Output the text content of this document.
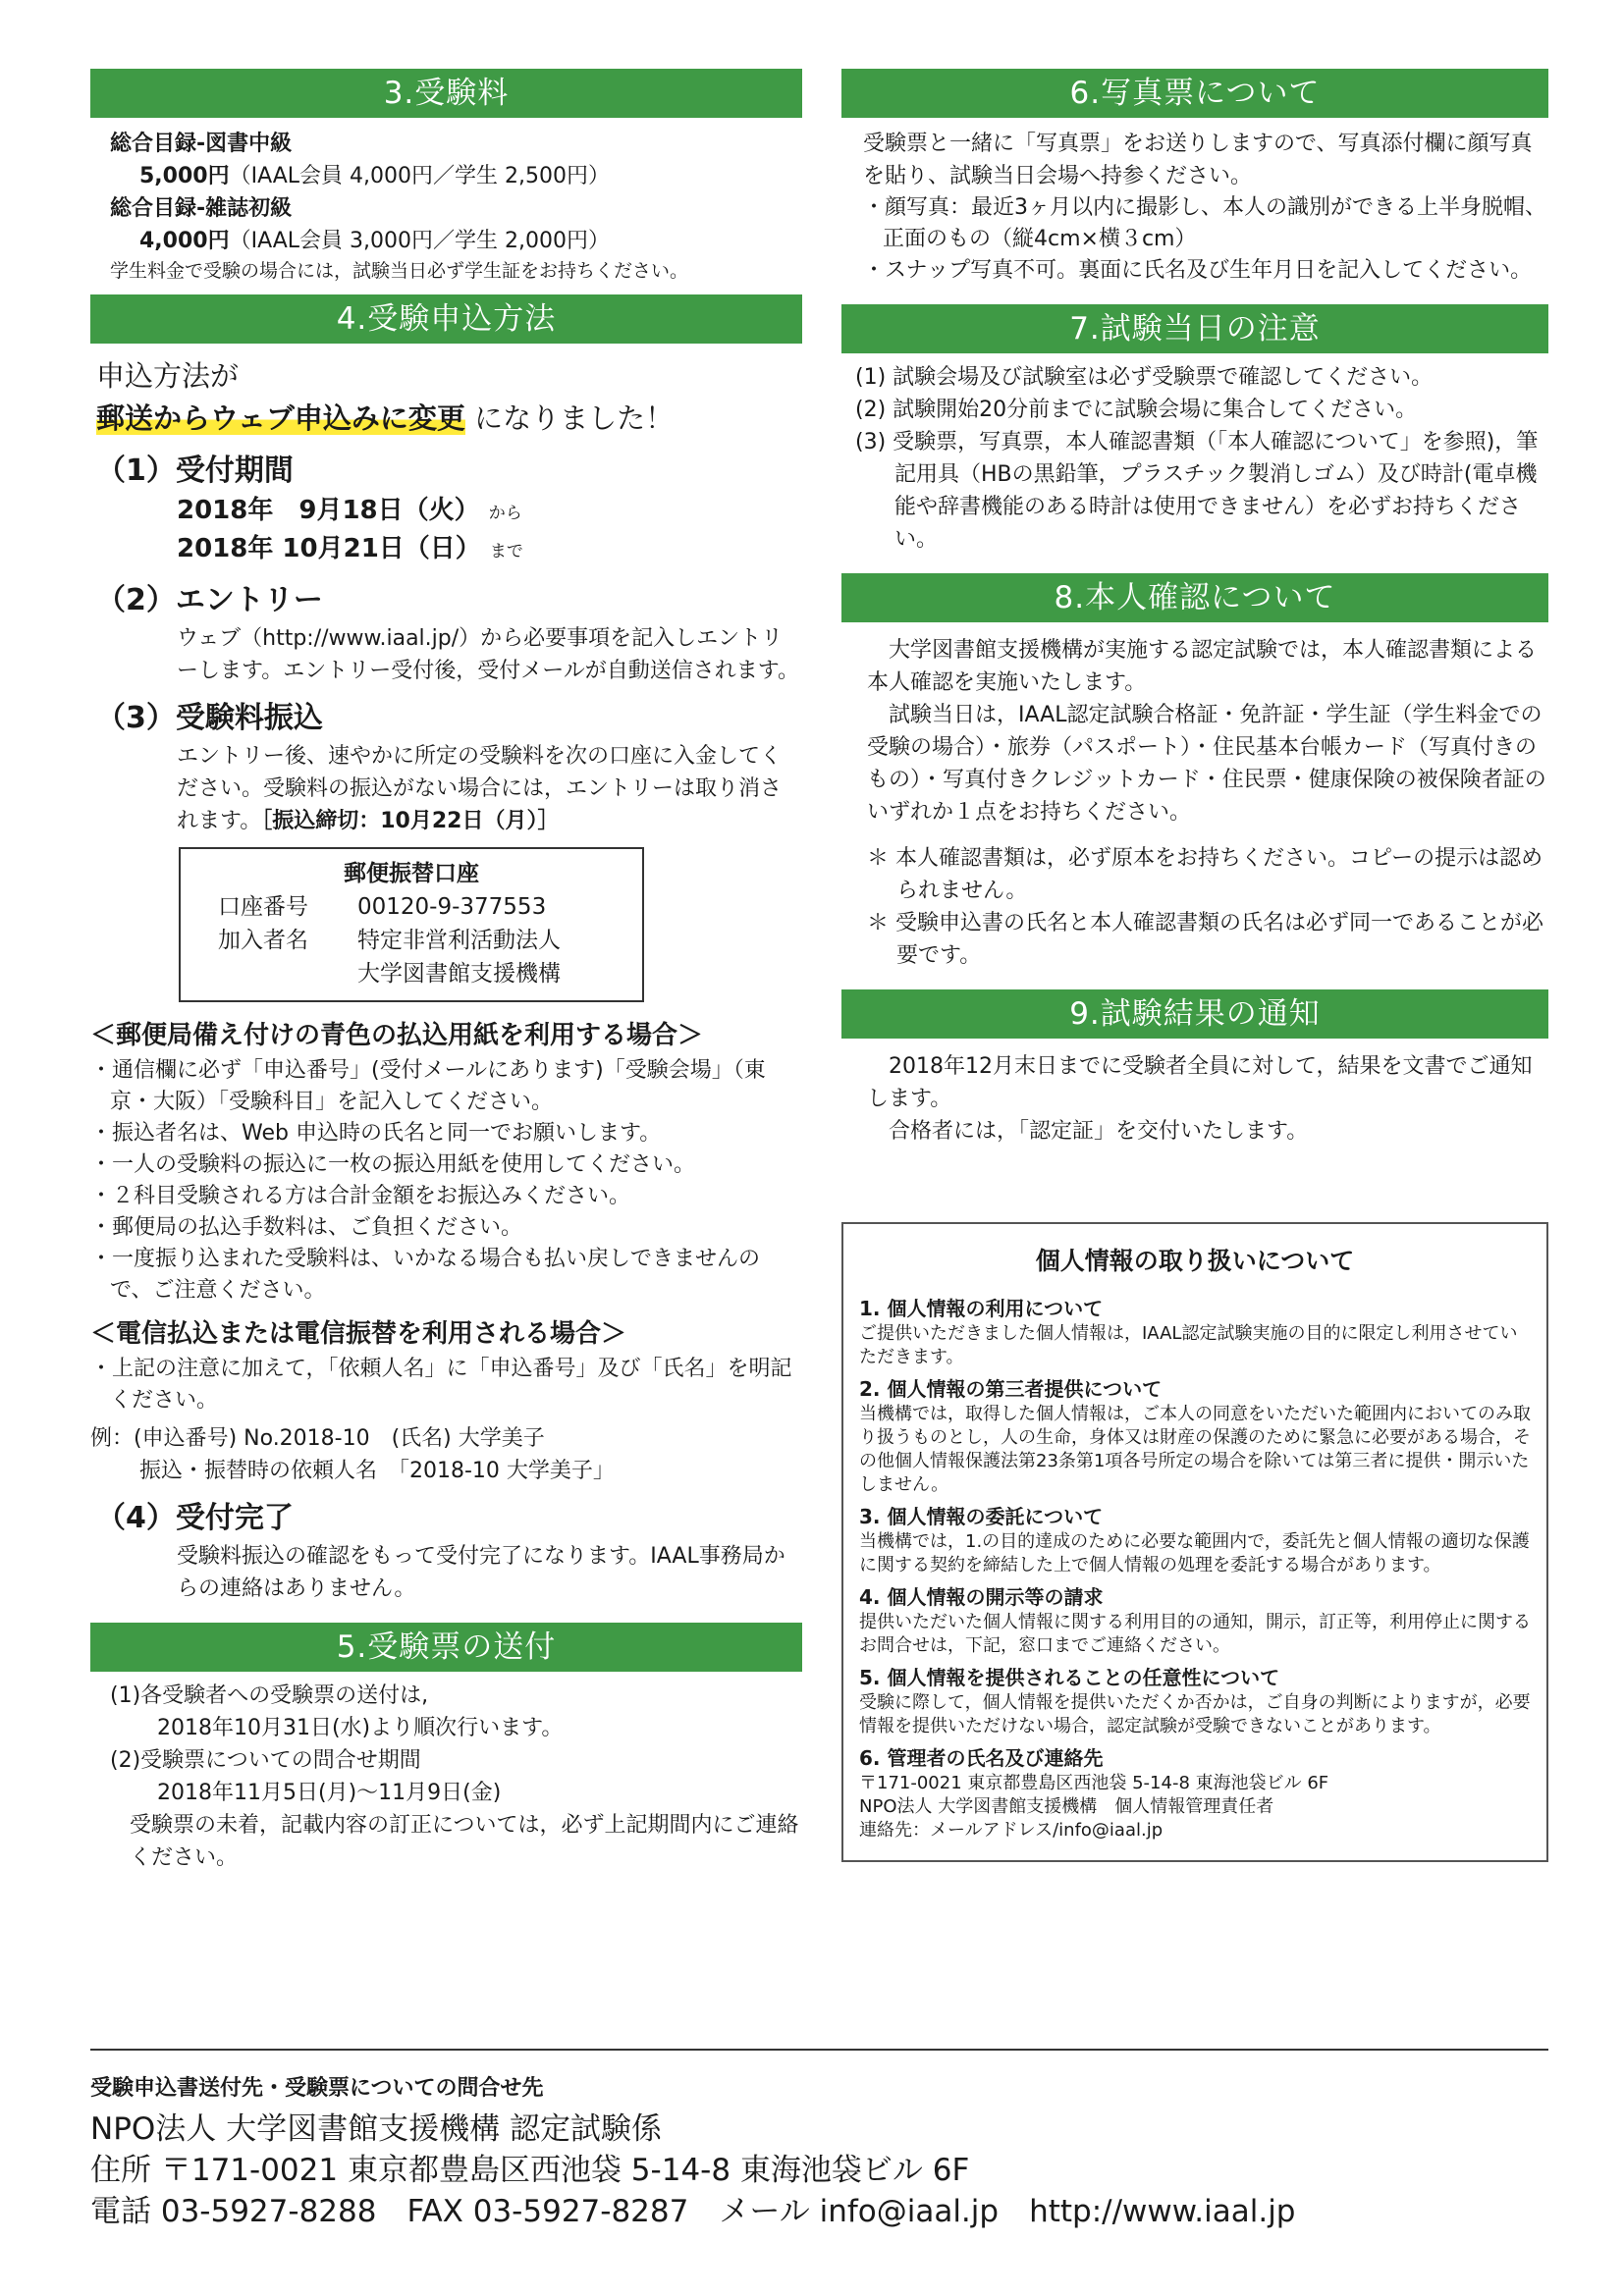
3.受験料
総合目録-図書中級
5,000円（IAAL会員 4,000円／学生 2,500円）
総合目録-雑誌初級
4,000円（IAAL会員 3,000円／学生 2,000円）
学生料金で受験の場合には，試験当日必ず学生証をお持ちください。
4.受験申込方法
申込方法が
郵送からウェブ申込みに変更 になりました！
（1）受付期間
2018年　9月18日（火） から
2018年 10月21日（日） まで
（2）エントリー
ウェブ（http://www.iaal.jp/）から必要事項を記入しエントリーします。エントリー受付後，受付メールが自動送信されます。
（3）受験料振込
エントリー後、速やかに所定の受験料を次の口座に入金してください。受験料の振込がない場合には，エントリーは取り消されます。［振込締切：10月22日（月）］
郵便振替口座
口座番号	00120-9-377553
加入者名	特定非営利活動法人
大学図書館支援機構
＜郵便局備え付けの青色の払込用紙を利用する場合＞
・通信欄に必ず「申込番号」(受付メールにあります)「受験会場」（東京・大阪）「受験科目」を記入してください。
・振込者名は、Web 申込時の氏名と同一でお願いします。
・一人の受験料の振込に一枚の振込用紙を使用してください。
・２科目受験される方は合計金額をお振込みください。
・郵便局の払込手数料は、ご負担ください。
・一度振り込まれた受験料は、いかなる場合も払い戻しできませんので、ご注意ください。
＜電信払込または電信振替を利用される場合＞
・上記の注意に加えて，「依頼人名」に「申込番号」及び「氏名」を明記ください。
例：(申込番号) No.2018-10　(氏名) 大学美子
振込・振替時の依頼人名　「2018-10 大学美子」
（4）受付完了
受験料振込の確認をもって受付完了になります。IAAL事務局からの連絡はありません。
5.受験票の送付
(1)各受験者への受験票の送付は,
2018年10月31日(水)より順次行います。
(2)受験票についての問合せ期間
2018年11月5日(月)～11月9日(金)
受験票の未着，記載内容の訂正については，必ず上記期間内にご連絡ください。
6.写真票について
受験票と一緒に「写真票」をお送りしますので、写真添付欄に顔写真を貼り、試験当日会場へ持参ください。
・顔写真：最近3ヶ月以内に撮影し、本人の識別ができる上半身脱帽、正面のもの（縦4cm×横３cm）
・スナップ写真不可。裏面に氏名及び生年月日を記入してください。
7.試験当日の注意
(1) 試験会場及び試験室は必ず受験票で確認してください。
(2) 試験開始20分前までに試験会場に集合してください。
(3) 受験票，写真票，本人確認書類（「本人確認について」を参照)，筆記用具（HBの黒鉛筆，プラスチック製消しゴム）及び時計(電卓機能や辞書機能のある時計は使用できません）を必ずお持ちください。
8.本人確認について
大学図書館支援機構が実施する認定試験では，本人確認書類による本人確認を実施いたします。
試験当日は，IAAL認定試験合格証・免許証・学生証（学生料金での受験の場合）・旅券（パスポート）・住民基本台帳カード（写真付きのもの）・写真付きクレジットカード・住民票・健康保険の被保険者証のいずれか１点をお持ちください。
＊ 本人確認書類は，必ず原本をお持ちください。コピーの提示は認められません。
＊ 受験申込書の氏名と本人確認書類の氏名は必ず同一であることが必要です。
9.試験結果の通知
2018年12月末日までに受験者全員に対して，結果を文書でご通知します。
合格者には，「認定証」を交付いたします。
個人情報の取り扱いについて
1. 個人情報の利用について
ご提供いただきました個人情報は，IAAL認定試験実施の目的に限定し利用させていただきます。
2. 個人情報の第三者提供について
当機構では，取得した個人情報は，ご本人の同意をいただいた範囲内においてのみ取り扱うものとし，人の生命，身体又は財産の保護のために緊急に必要がある場合，その他個人情報保護法第23条第1項各号所定の場合を除いては第三者に提供・開示いたしません。
3. 個人情報の委託について
当機構では，1.の目的達成のために必要な範囲内で，委託先と個人情報の適切な保護に関する契約を締結した上で個人情報の処理を委託する場合があります。
4. 個人情報の開示等の請求
提供いただいた個人情報に関する利用目的の通知，開示，訂正等，利用停止に関するお問合せは，下記，窓口までご連絡ください。
5. 個人情報を提供されることの任意性について
受験に際して，個人情報を提供いただくか否かは，ご自身の判断によりますが，必要情報を提供いただけない場合，認定試験が受験できないことがあります。
6. 管理者の氏名及び連絡先
〒171-0021 東京都豊島区西池袋 5-14-8 東海池袋ビル 6F
NPO法人 大学図書館支援機構　個人情報管理責任者
連絡先：メールアドレス/info@iaal.jp
受験申込書送付先・受験票についての問合せ先
NPO法人 大学図書館支援機構 認定試験係
住所 〒171-0021 東京都豊島区西池袋 5-14-8 東海池袋ビル 6F
電話 03-5927-8288　FAX 03-5927-8287　メール info@iaal.jp　http://www.iaal.jp
